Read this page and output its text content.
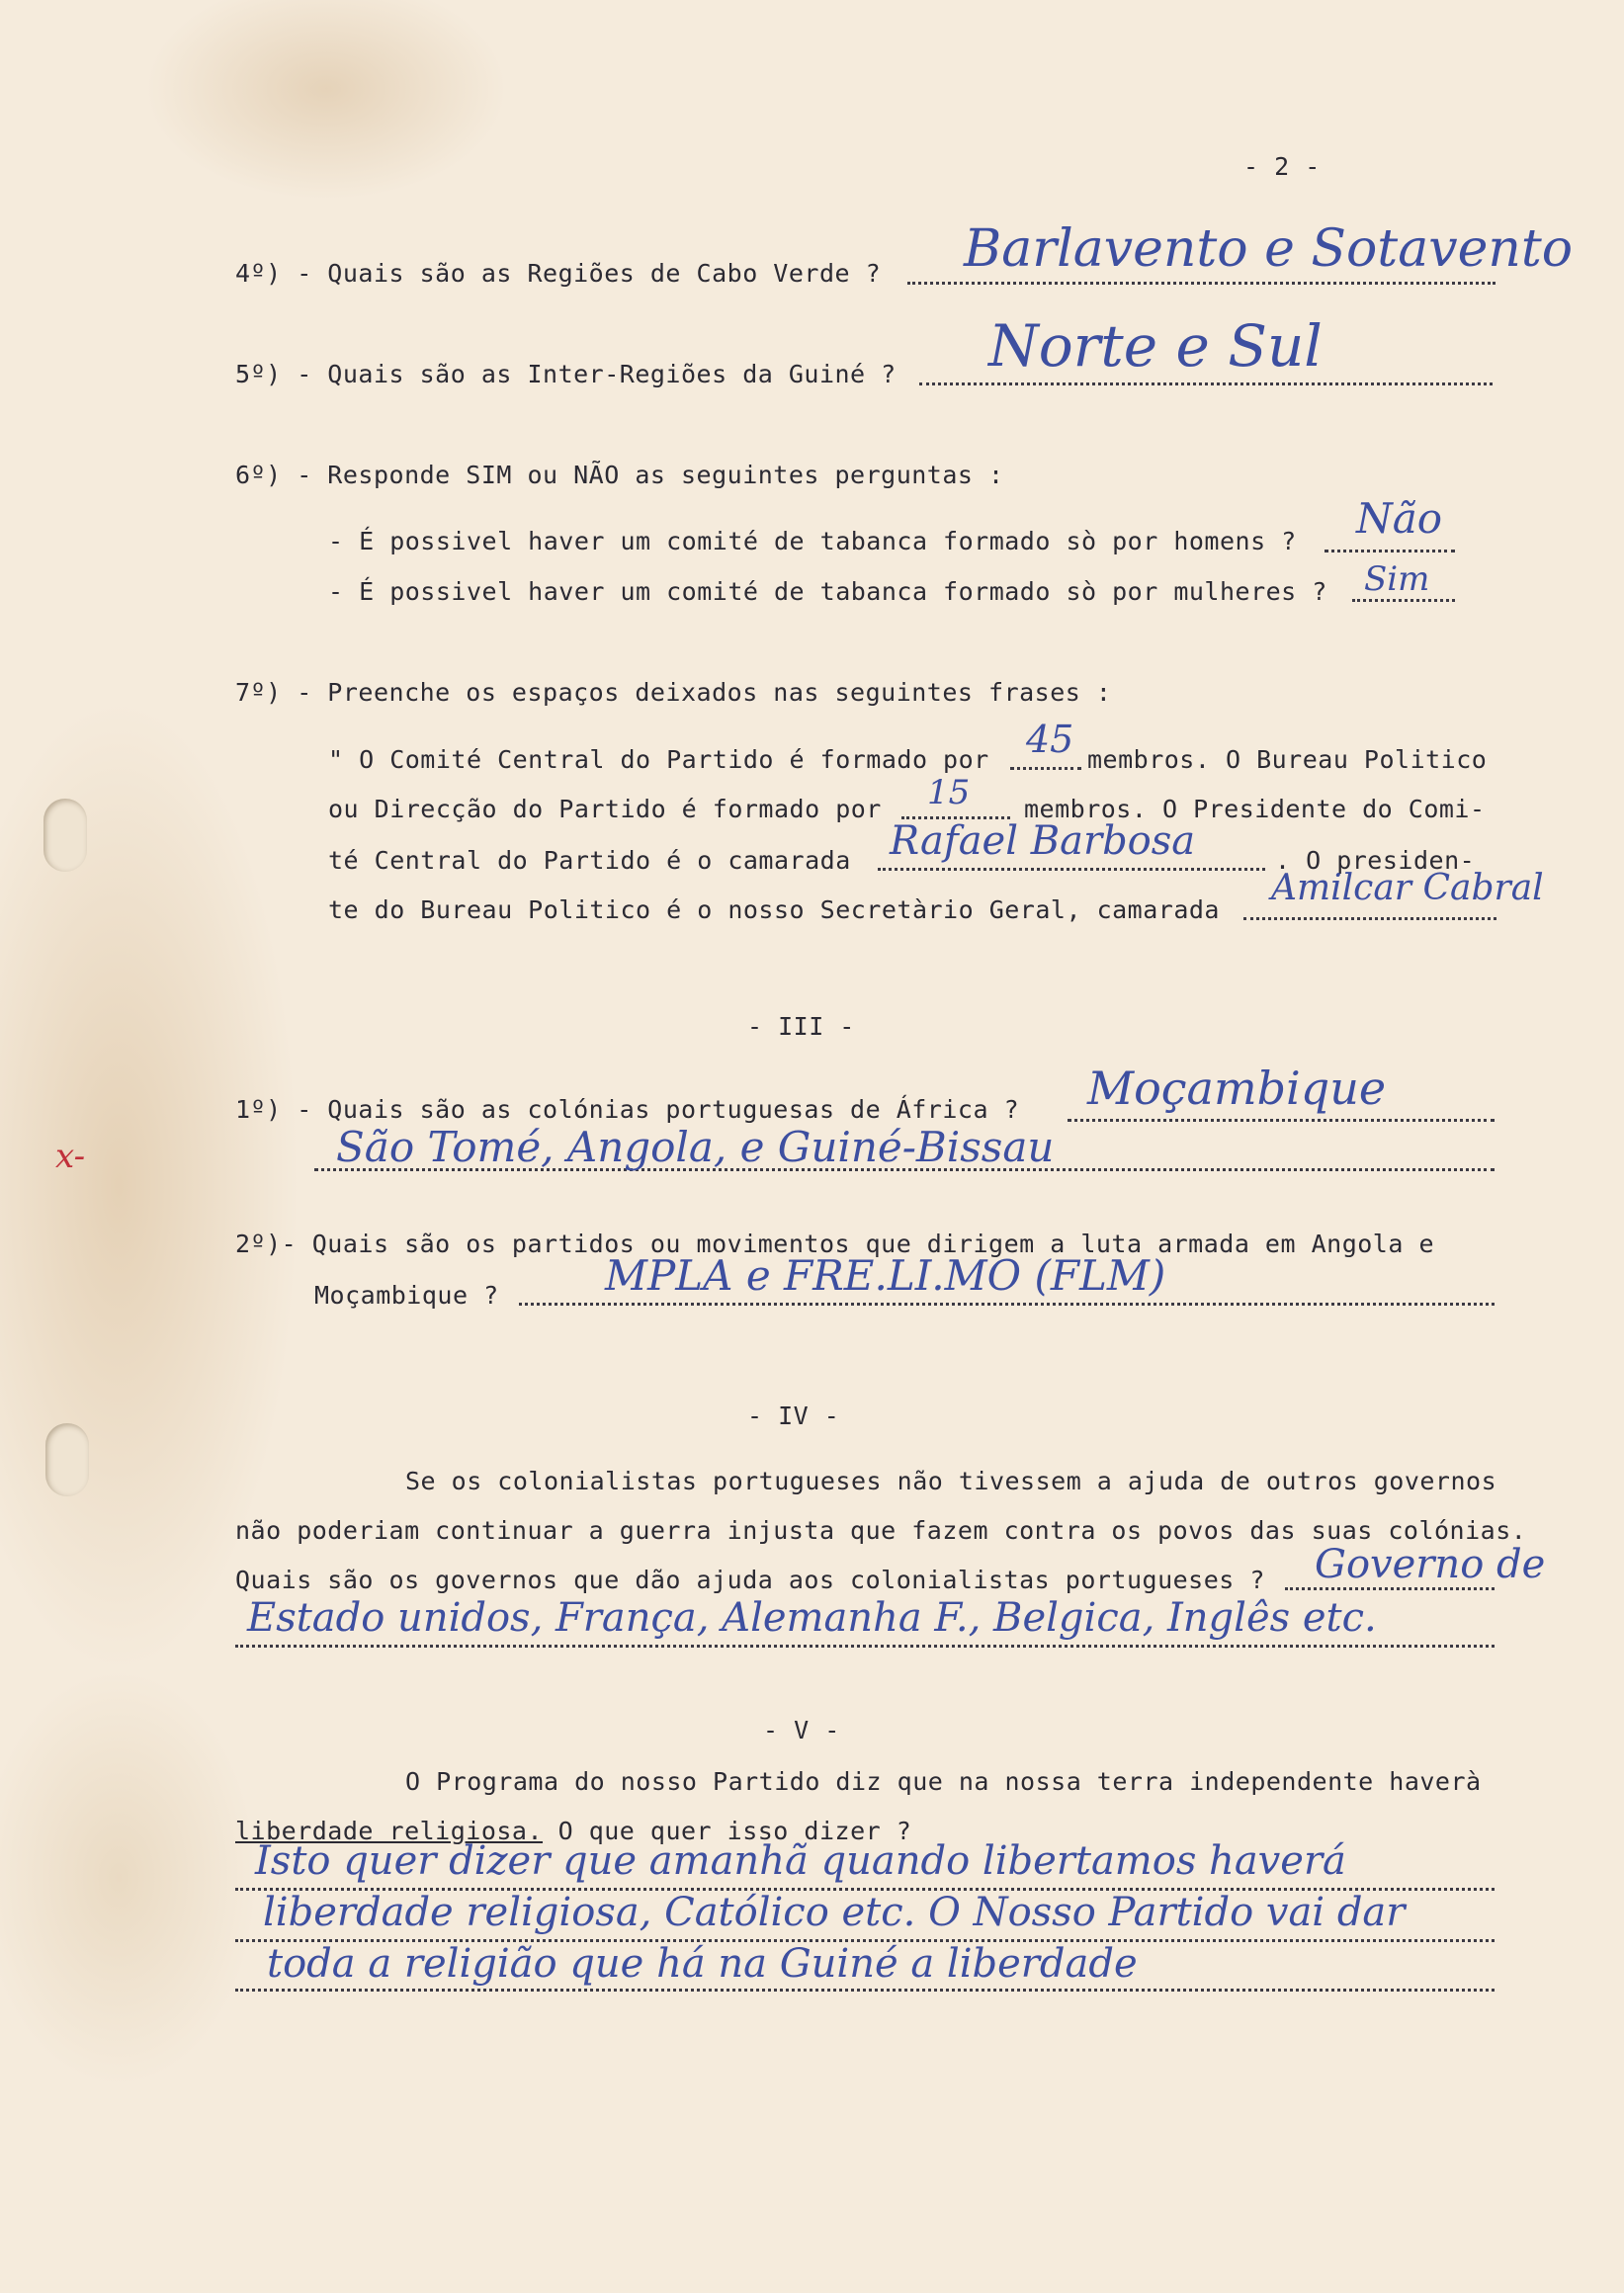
- 2 -
4º) - Quais são as Regiões de Cabo Verde ? Barlavento e Sotavento
5º) - Quais são as Inter-Regiões da Guiné ? Norte e Sul
6º) - Responde SIM ou NÃO as seguintes perguntas :
- É possivel haver um comité de tabanca formado sò por homens ? Não
- É possivel haver um comité de tabanca formado sò por mulheres ? Sim
7º) - Preenche os espaços deixados nas seguintes frases :
" O Comité Central do Partido é formado por 45 membros. O Bureau Politico
ou Direcção do Partido é formado por 15 membros. O Presidente do Comi-
té Central do Partido é o camarada Rafael Barbosa	. O presiden-
te do Bureau Politico é o nosso Secretàrio Geral, camarada
Amilcar Cabral
- III -
1º) - Quais são as colónias portuguesas de África ? Moçambique
São Tomé, Angola, e Guiné-Bissau
x-
2º)- Quais são os partidos ou movimentos que dirigem a luta armada em Angola e
Moçambique ?	MPLA e FRE.LI.MO (FLM)
- IV -
Se os colonialistas portugueses não tivessem a ajuda de outros governos
não poderiam continuar a guerra injusta que fazem contra os povos das suas colónias.
Quais são os governos que dão ajuda aos colonialistas portugueses ? Governo de
Estado unidos, França, Alemanha F., Belgica, Inglês etc.
- V -
O Programa do nosso Partido diz que na nossa terra independente haverà
liberdade religiosa. O que quer isso dizer ?
Isto quer dizer que amanhã quando libertamos haverá
liberdade religiosa, Católico etc. O Nosso Partido vai dar
toda a religião que há na Guiné a liberdade
